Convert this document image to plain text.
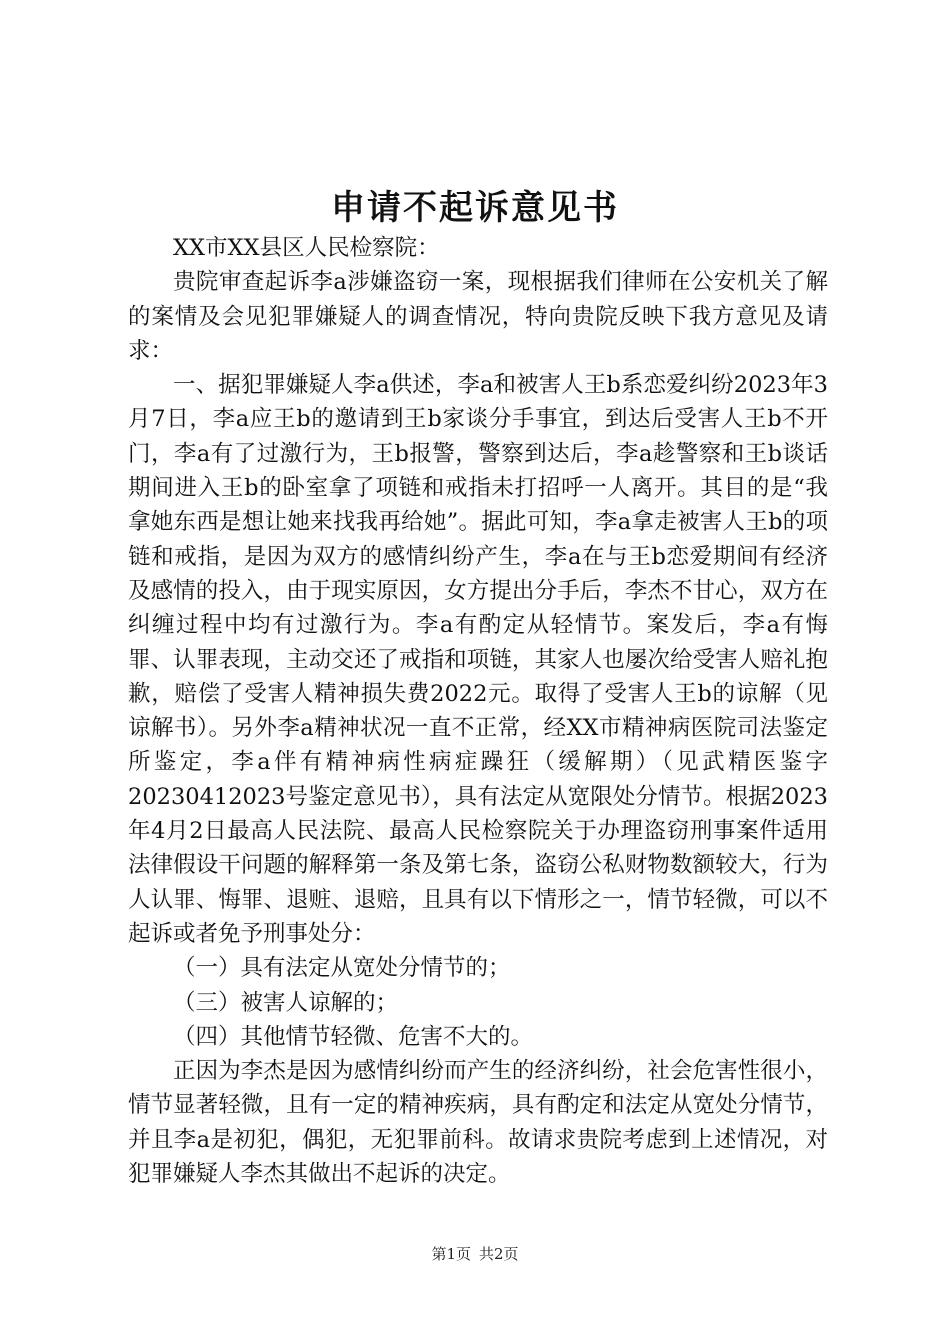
申请不起诉意见书

XX市XX县区人民检察院：

贵院审查起诉李a涉嫌盗窃一案，现根据我们律师在公安机关了解的案情及会见犯罪嫌疑人的调查情况，特向贵院反映下我方意见及请求：

一、据犯罪嫌疑人李a供述，李a和被害人王b系恋爱纠纷2023年3月7日，李a应王b的邀请到王b家谈分手事宜，到达后受害人王b不开门，李a有了过激行为，王b报警，警察到达后，李a趁警察和王b谈话期间进入王b的卧室拿了项链和戒指未打招呼一人离开。其目的是“我拿她东西是想让她来找我再给她”。据此可知，李a拿走被害人王b的项链和戒指，是因为双方的感情纠纷产生，李a在与王b恋爱期间有经济及感情的投入，由于现实原因，女方提出分手后，李杰不甘心，双方在纠缠过程中均有过激行为。李a有酌定从轻情节。案发后，李a有悔罪、认罪表现，主动交还了戒指和项链，其家人也屡次给受害人赔礼抱歉，赔偿了受害人精神损失费2022元。取得了受害人王b的谅解（见谅解书）。另外李a精神状况一直不正常，经XX市精神病医院司法鉴定所鉴定，李a伴有精神病性病症躁狂（缓解期）（见武精医鉴字20230412023号鉴定意见书），具有法定从宽限处分情节。根据2023年4月2日最高人民法院、最高人民检察院关于办理盗窃刑事案件适用法律假设干问题的解释第一条及第七条，盗窃公私财物数额较大，行为人认罪、悔罪、退赃、退赔，且具有以下情形之一，情节轻微，可以不起诉或者免予刑事处分：

（一）具有法定从宽处分情节的；

（三）被害人谅解的；

（四）其他情节轻微、危害不大的。

正因为李杰是因为感情纠纷而产生的经济纠纷，社会危害性很小，情节显著轻微，且有一定的精神疾病，具有酌定和法定从宽处分情节，并且李a是初犯，偶犯，无犯罪前科。故请求贵院考虑到上述情况，对犯罪嫌疑人李杰其做出不起诉的决定。

第1页 共2页
